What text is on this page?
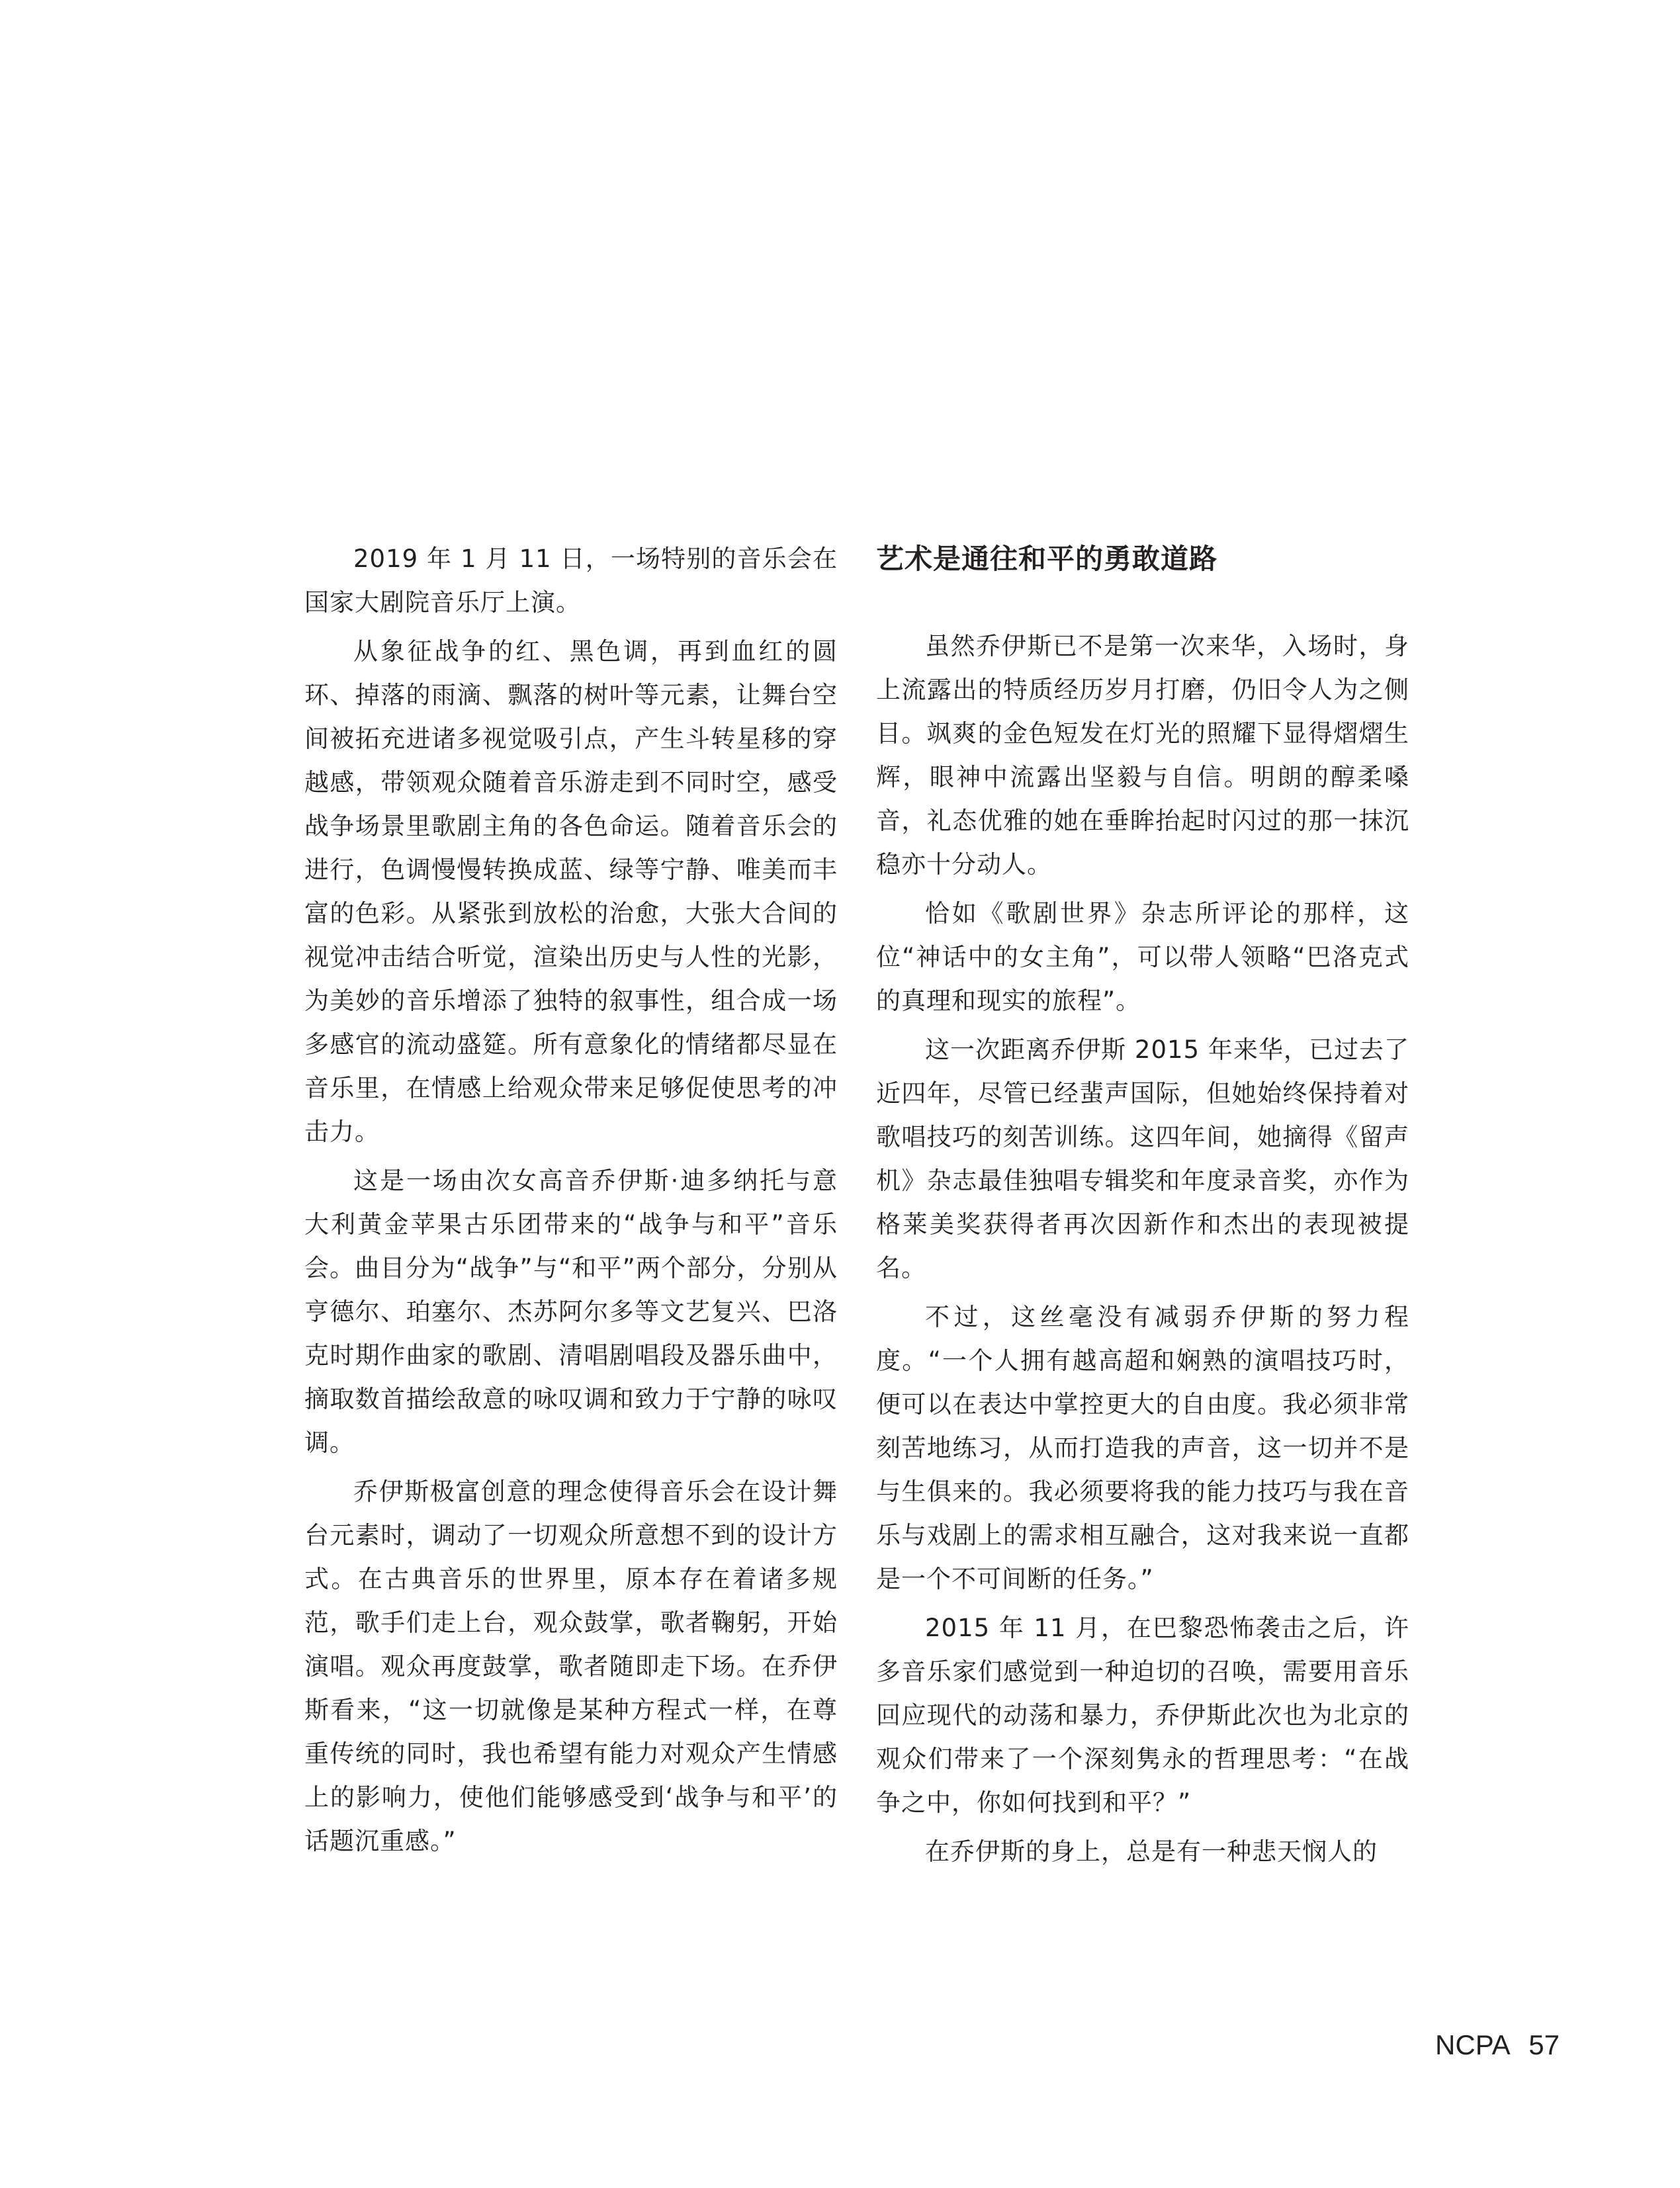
2019 年 1 月 11 日，一场特别的音乐会在国家大剧院音乐厅上演。

从象征战争的红、黑色调，再到血红的圆环、掉落的雨滴、飘落的树叶等元素，让舞台空间被拓充进诸多视觉吸引点，产生斗转星移的穿越感，带领观众随着音乐游走到不同时空，感受战争场景里歌剧主角的各色命运。随着音乐会的进行，色调慢慢转换成蓝、绿等宁静、唯美而丰富的色彩。从紧张到放松的治愈，大张大合间的视觉冲击结合听觉，渲染出历史与人性的光影，为美妙的音乐增添了独特的叙事性，组合成一场多感官的流动盛筵。所有意象化的情绪都尽显在音乐里，在情感上给观众带来足够促使思考的冲击力。

这是一场由次女高音乔伊斯·迪多纳托与意大利黄金苹果古乐团带来的“战争与和平”音乐会。曲目分为“战争”与“和平”两个部分，分别从亨德尔、珀塞尔、杰苏阿尔多等文艺复兴、巴洛克时期作曲家的歌剧、清唱剧唱段及器乐曲中，摘取数首描绘敌意的咏叹调和致力于宁静的咏叹调。

乔伊斯极富创意的理念使得音乐会在设计舞台元素时，调动了一切观众所意想不到的设计方式。在古典音乐的世界里，原本存在着诸多规范，歌手们走上台，观众鼓掌，歌者鞠躬，开始演唱。观众再度鼓掌，歌者随即走下场。在乔伊斯看来，“这一切就像是某种方程式一样，在尊重传统的同时，我也希望有能力对观众产生情感上的影响力，使他们能够感受到‘战争与和平’的话题沉重感。”

艺术是通往和平的勇敢道路

虽然乔伊斯已不是第一次来华，入场时，身上流露出的特质经历岁月打磨，仍旧令人为之侧目。飒爽的金色短发在灯光的照耀下显得熠熠生辉，眼神中流露出坚毅与自信。明朗的醇柔嗓音，礼态优雅的她在垂眸抬起时闪过的那一抹沉稳亦十分动人。

恰如《歌剧世界》杂志所评论的那样，这位“神话中的女主角”，可以带人领略“巴洛克式的真理和现实的旅程”。

这一次距离乔伊斯 2015 年来华，已过去了近四年，尽管已经蜚声国际，但她始终保持着对歌唱技巧的刻苦训练。这四年间，她摘得《留声机》杂志最佳独唱专辑奖和年度录音奖，亦作为格莱美奖获得者再次因新作和杰出的表现被提名。

不过，这丝毫没有减弱乔伊斯的努力程度。“一个人拥有越高超和娴熟的演唱技巧时，便可以在表达中掌控更大的自由度。我必须非常刻苦地练习，从而打造我的声音，这一切并不是与生俱来的。我必须要将我的能力技巧与我在音乐与戏剧上的需求相互融合，这对我来说一直都是一个不可间断的任务。”

2015 年 11 月，在巴黎恐怖袭击之后，许多音乐家们感觉到一种迫切的召唤，需要用音乐回应现代的动荡和暴力，乔伊斯此次也为北京的观众们带来了一个深刻隽永的哲理思考：“在战争之中，你如何找到和平？”

在乔伊斯的身上，总是有一种悲天悯人的

NCPA 57
